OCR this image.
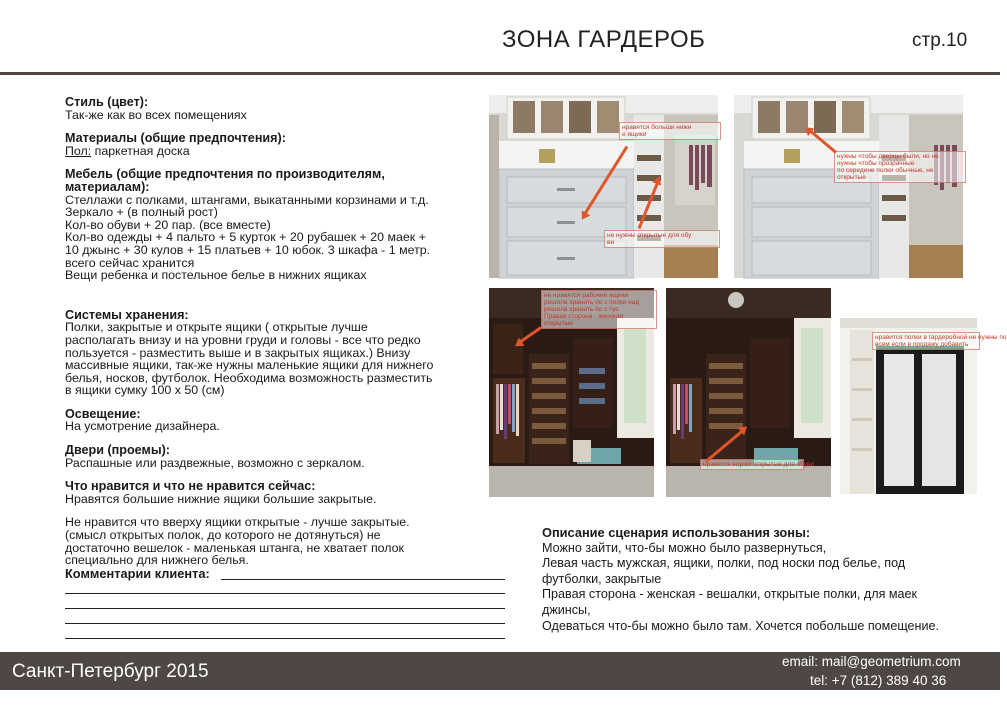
ЗОНА ГАРДЕРОБ	стр.10
Стиль (цвет):

Так-же как во всех помещениях

Материалы (общие предпочтения):

Пол: паркетная доска

Мебель (общие предпочтения по производителям,
материалам):

Стеллажи с полками, штангами, выкатанными корзинами и т.д.

Зеркало + (в полный рост)

Кол-во обуви + 20 пар. (все вместе)

Кол-во одежды + 4 пальто + 5 курток + 20 рубашек + 20 маек +

10 джынс + 30 кулов + 15 платьев + 10 юбок. 3 шкафа - 1 метр.

всего сейчас хранится

Вещи ребенка и постельное белье в нижних ящиках

Системы хранения:

Полки, закрытые и открыте ящики ( открытые лучше

располагать внизу и на уровни груди и головы - все что редко

пользуется - разместить выше и в закрытых ящиках.) Внизу

массивные ящики, так-же нужны маленькие ящики для нижнего

белья, носков, футболок. Необходима возможность разместить

в ящики сумку 100 х 50 (см)

Освещение:

На усмотрение дизайнера.

Двери (проемы):

Распашные или раздвежные, возможно с зеркалом.

Что нравится и что не нравится сейчас:

Нравятся большие нижние ящики большие закрытые.

Не нравится что вверху ящики открытые - лучше закрытые.

(смысл открытых полок, до которого не дотянуться) не

достаточно вешелок - маленькая штанга, не хватает полок

специально для нижнего белья.

Комментарии клиента:
нравятся больши нижн
е ящики
не нужны открытые для обу
ви
нужны чтобы дверцы были, но не
нужны чтобы прозрачные
по середине полки обычные, не
открытые
не нравятся рабочие ящики
решила хранить по с полки над
решила хранить по с тус
Правая сторона - женская
открытые
нравятся ящики открытые для обуви
нравится полки в гардеробной не нужны по
всем если в продажу добавить
Описание сценария использования зоны:

Можно зайти, что-бы можно было развернуться,

Левая часть мужская, ящики, полки, под носки под белье, под

футболки, закрытые

Правая сторона - женская - вешалки, открытые полки, для маек

джинсы,

Одеваться что-бы можно было там. Хочется побольше помещение.

Санкт-Петербург 2015	email: mail@geometrium.com
tel: +7 (812) 389 40 36
